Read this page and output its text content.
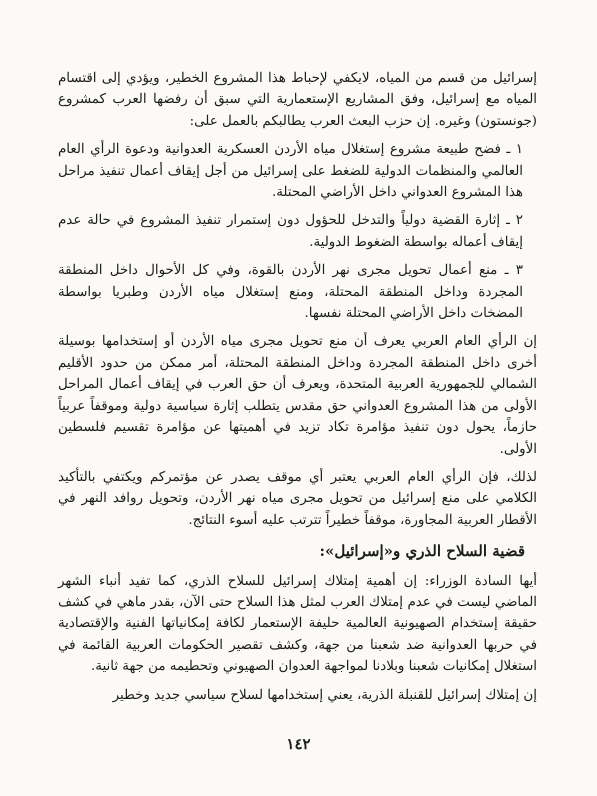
إسرائيل من قسم من المياه، لايكفي لإحباط هذا المشروع الخطير، ويؤدي إلى اقتسام المياه مع إسرائيل، وفق المشاريع الإستعمارية التي سبق أن رفضها العرب كمشروع (جونستون) وغيره. إن حزب البعث العرب يطالبكم بالعمل على:

١ ـ فضح طبيعة مشروع إستغلال مياه الأردن العسكرية العدوانية ودعوة الرأي العام العالمي والمنظمات الدولية للضغط على إسرائيل من أجل إيقاف أعمال تنفيذ مراحل هذا المشروع العدواني داخل الأراضي المحتلة.

٢ ـ إثارة القضية دولياً والتدخل للحؤول دون إستمرار تنفيذ المشروع في حالة عدم إيقاف أعماله بواسطة الضغوط الدولية.

٣ ـ منع أعمال تحويل مجرى نهر الأردن بالقوة، وفي كل الأحوال داخل المنطقة المجردة وداخل المنطقة المحتلة، ومنع إستغلال مياه الأردن وطبريا بواسطة المضخات داخل الأراضي المحتلة نفسها.

إن الرأي العام العربي يعرف أن منع تحويل مجرى مياه الأردن أو إستخدامها بوسيلة أخرى داخل المنطقة المجردة وداخل المنطقة المحتلة، أمر ممكن من حدود الأقليم الشمالي للجمهورية العربية المتحدة، ويعرف أن حق العرب في إيقاف أعمال المراحل الأولى من هذا المشروع العدواني حق مقدس يتطلب إثارة سياسية دولية وموقفاً عربياً حازماً، يحول دون تنفيذ مؤامرة تكاد تزيد في أهميتها عن مؤامرة تقسيم فلسطين الأولى.

لذلك، فإن الرأي العام العربي يعتبر أي موقف يصدر عن مؤتمركم ويكتفي بالتأكيد الكلامي على منع إسرائيل من تحويل مجرى مياه نهر الأردن، وتحويل روافد النهر في الأقطار العربية المجاورة، موقفاً خطيراً تترتب عليه أسوء النتائج.

قضية السلاح الذري و«إسرائيل»:

أيها السادة الوزراء: إن أهمية إمتلاك إسرائيل للسلاح الذري، كما تفيد أنباء الشهر الماضي ليست في عدم إمتلاك العرب لمثل هذا السلاح حتى الآن، بقدر ماهي في كشف حقيقة إستخدام الصهيونية العالمية حليفة الإستعمار لكافة إمكانياتها الفنية والإقتصادية في حربها العدوانية ضد شعبنا من جهة، وكشف تقصير الحكومات العربية القائمة في استغلال إمكانيات شعبنا وبلادنا لمواجهة العدوان الصهيوني وتحطيمه من جهة ثانية.

إن إمتلاك إسرائيل للقنبلة الذرية، يعني إستخدامها لسلاح سياسي جديد وخطير

١٤٢
